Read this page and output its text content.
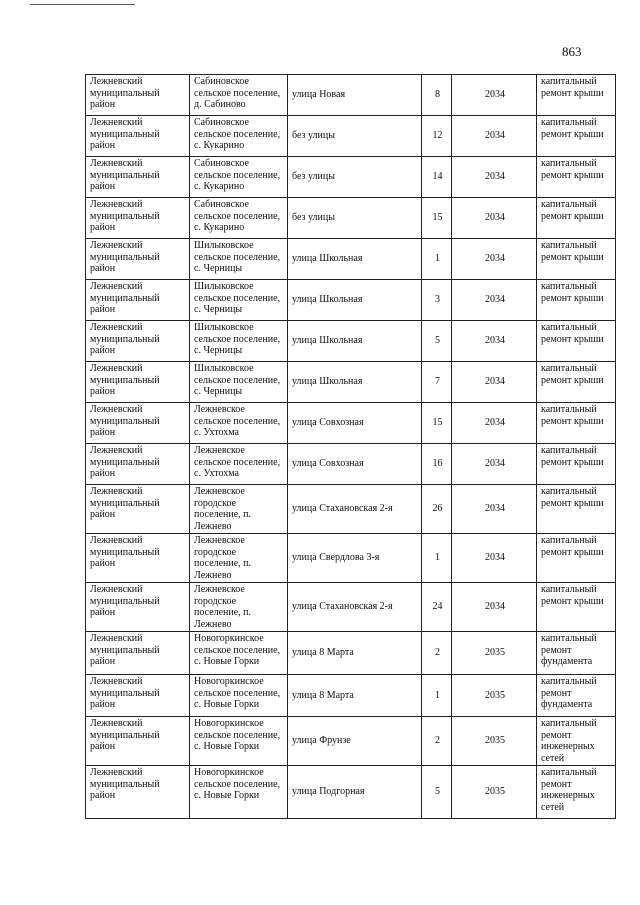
863
Лежневский
муниципальный
район	Сабиновское
сельское поселение,
д. Сабиново	улица Новая	8	2034	капитальный
ремонт крыши
Лежневский
муниципальный
район	Сабиновское
сельское поселение,
с. Кукарино	без улицы	12	2034	капитальный
ремонт крыши
Лежневский
муниципальный
район	Сабиновское
сельское поселение,
с. Кукарино	без улицы	14	2034	капитальный
ремонт крыши
Лежневский
муниципальный
район	Сабиновское
сельское поселение,
с. Кукарино	без улицы	15	2034	капитальный
ремонт крыши
Лежневский
муниципальный
район	Шилыковское
сельское поселение,
с. Черницы	улица Школьная	1	2034	капитальный
ремонт крыши
Лежневский
муниципальный
район	Шилыковское
сельское поселение,
с. Черницы	улица Школьная	3	2034	капитальный
ремонт крыши
Лежневский
муниципальный
район	Шилыковское
сельское поселение,
с. Черницы	улица Школьная	5	2034	капитальный
ремонт крыши
Лежневский
муниципальный
район	Шилыковское
сельское поселение,
с. Черницы	улица Школьная	7	2034	капитальный
ремонт крыши
Лежневский
муниципальный
район	Лежневское
сельское поселение,
с. Ухтохма	улица Совхозная	15	2034	капитальный
ремонт крыши
Лежневский
муниципальный
район	Лежневское
сельское поселение,
с. Ухтохма	улица Совхозная	16	2034	капитальный
ремонт крыши
Лежневский
муниципальный
район	Лежневское
городское
поселение, п.
Лежнево	улица Стахановская 2-я	26	2034	капитальный
ремонт крыши
Лежневский
муниципальный
район	Лежневское
городское
поселение, п.
Лежнево	улица Свердлова 3-я	1	2034	капитальный
ремонт крыши
Лежневский
муниципальный
район	Лежневское
городское
поселение, п.
Лежнево	улица Стахановская 2-я	24	2034	капитальный
ремонт крыши
Лежневский
муниципальный
район	Новогоркинское
сельское поселение,
с. Новые Горки	улица 8 Марта	2	2035	капитальный
ремонт
фундамента
Лежневский
муниципальный
район	Новогоркинское
сельское поселение,
с. Новые Горки	улица 8 Марта	1	2035	капитальный
ремонт
фундамента
Лежневский
муниципальный
район	Новогоркинское
сельское поселение,
с. Новые Горки	улица Фрунзе	2	2035	капитальный
ремонт
инженерных
сетей
Лежневский
муниципальный
район	Новогоркинское
сельское поселение,
с. Новые Горки	улица Подгорная	5	2035	капитальный
ремонт
инженерных
сетей
